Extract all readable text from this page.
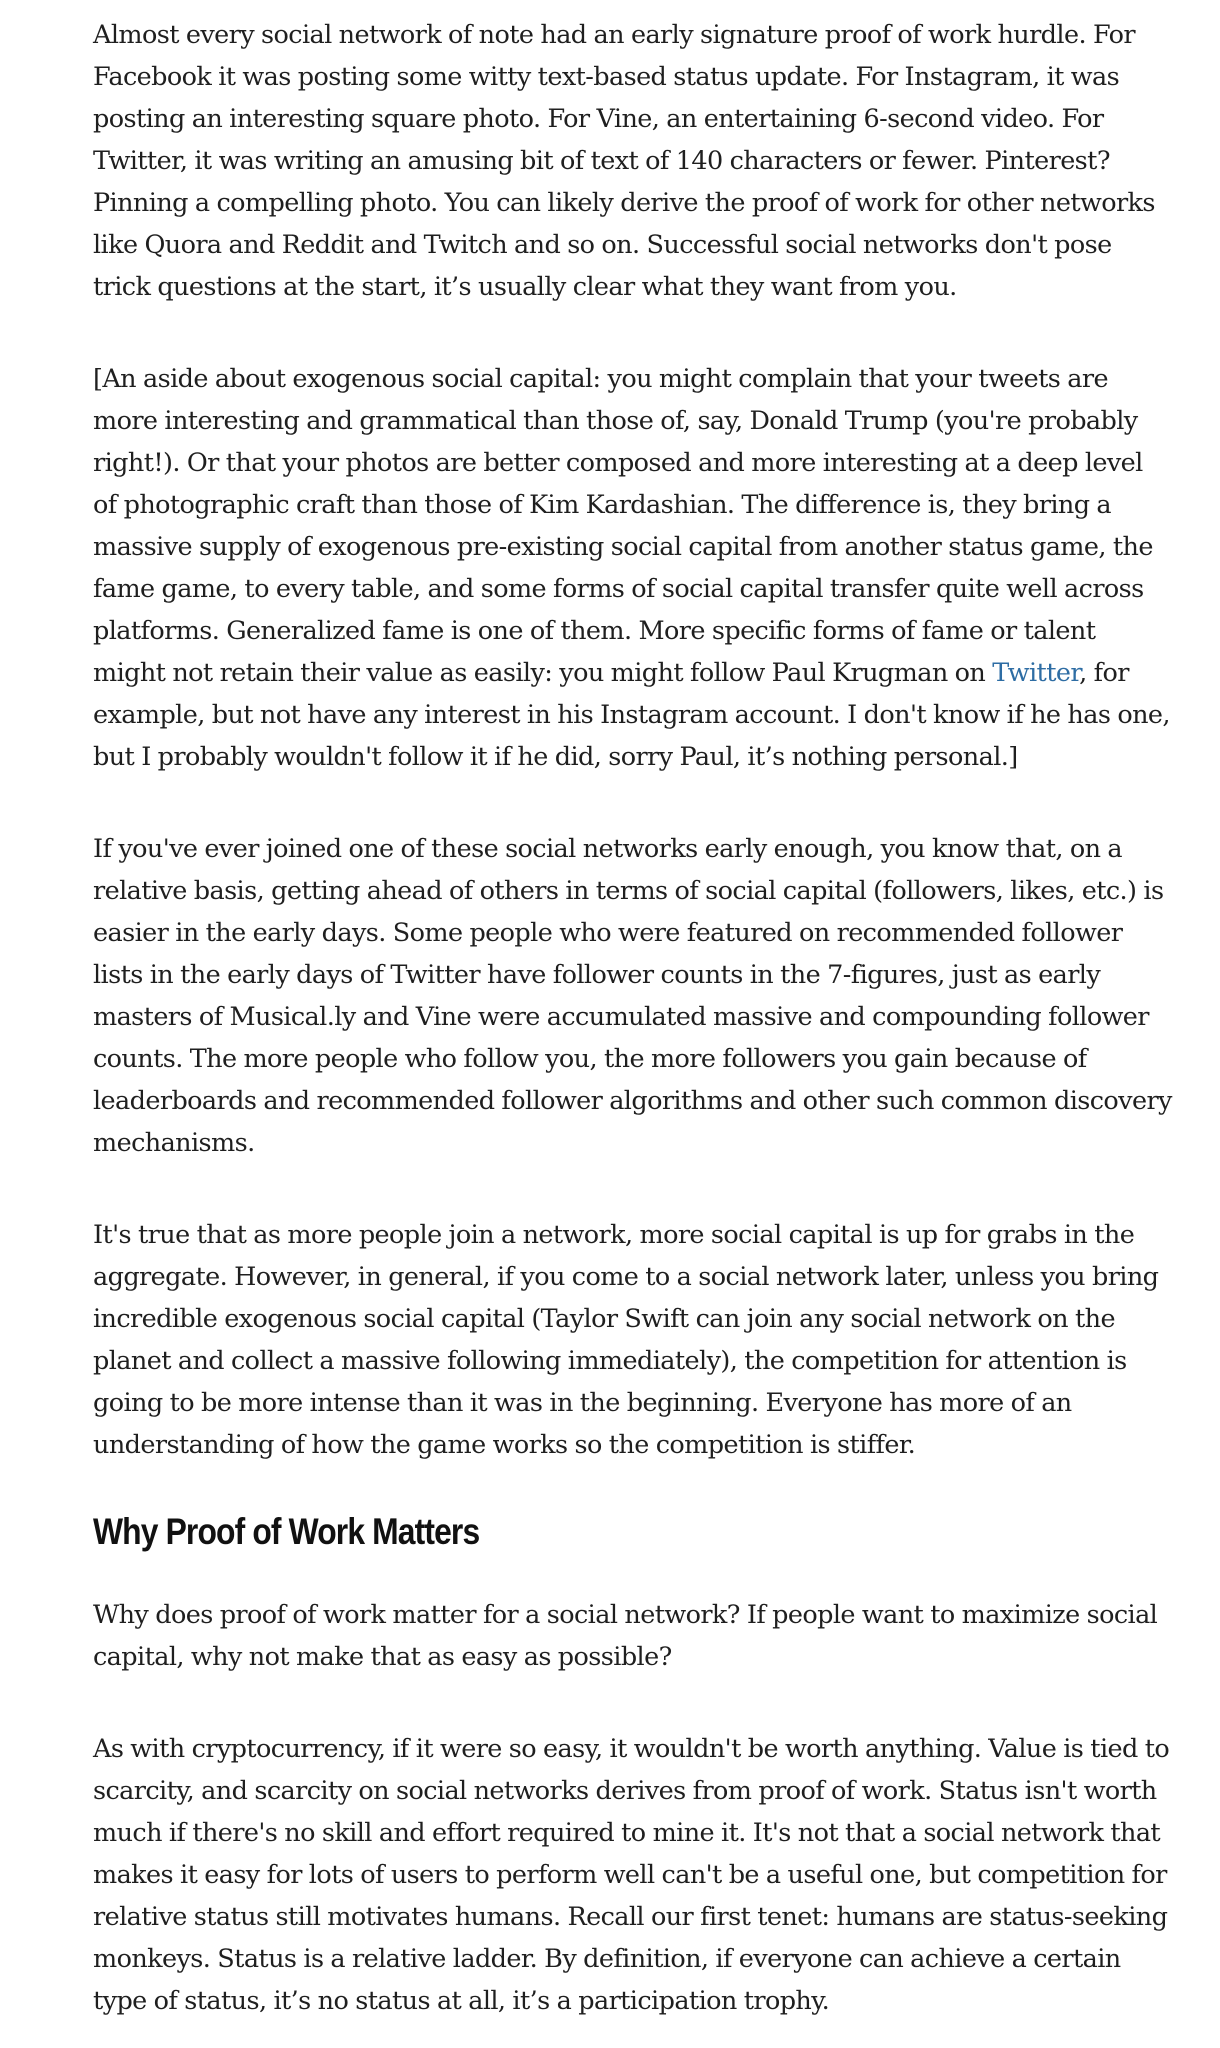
Almost every social network of note had an early signature proof of work hurdle. For Facebook it was posting some witty text-based status update. For Instagram, it was posting an interesting square photo. For Vine, an entertaining 6-second video. For Twitter, it was writing an amusing bit of text of 140 characters or fewer. Pinterest? Pinning a compelling photo. You can likely derive the proof of work for other networks like Quora and Reddit and Twitch and so on. Successful social networks don't pose trick questions at the start, it’s usually clear what they want from you.

[An aside about exogenous social capital: you might complain that your tweets are more interesting and grammatical than those of, say, Donald Trump (you're probably right!). Or that your photos are better composed and more interesting at a deep level of photographic craft than those of Kim Kardashian. The difference is, they bring a massive supply of exogenous pre-existing social capital from another status game, the fame game, to every table, and some forms of social capital transfer quite well across platforms. Generalized fame is one of them. More specific forms of fame or talent might not retain their value as easily: you might follow Paul Krugman on Twitter, for example, but not have any interest in his Instagram account. I don't know if he has one, but I probably wouldn't follow it if he did, sorry Paul, it’s nothing personal.]

If you've ever joined one of these social networks early enough, you know that, on a relative basis, getting ahead of others in terms of social capital (followers, likes, etc.) is easier in the early days. Some people who were featured on recommended follower lists in the early days of Twitter have follower counts in the 7-figures, just as early masters of Musical.ly and Vine were accumulated massive and compounding follower counts. The more people who follow you, the more followers you gain because of leaderboards and recommended follower algorithms and other such common discovery mechanisms.

It's true that as more people join a network, more social capital is up for grabs in the aggregate. However, in general, if you come to a social network later, unless you bring incredible exogenous social capital (Taylor Swift can join any social network on the planet and collect a massive following immediately), the competition for attention is going to be more intense than it was in the beginning. Everyone has more of an understanding of how the game works so the competition is stiffer.

Why Proof of Work Matters

Why does proof of work matter for a social network? If people want to maximize social capital, why not make that as easy as possible?

As with cryptocurrency, if it were so easy, it wouldn't be worth anything. Value is tied to scarcity, and scarcity on social networks derives from proof of work. Status isn't worth much if there's no skill and effort required to mine it. It's not that a social network that makes it easy for lots of users to perform well can't be a useful one, but competition for relative status still motivates humans. Recall our first tenet: humans are status-seeking monkeys. Status is a relative ladder. By definition, if everyone can achieve a certain type of status, it’s no status at all, it’s a participation trophy.
